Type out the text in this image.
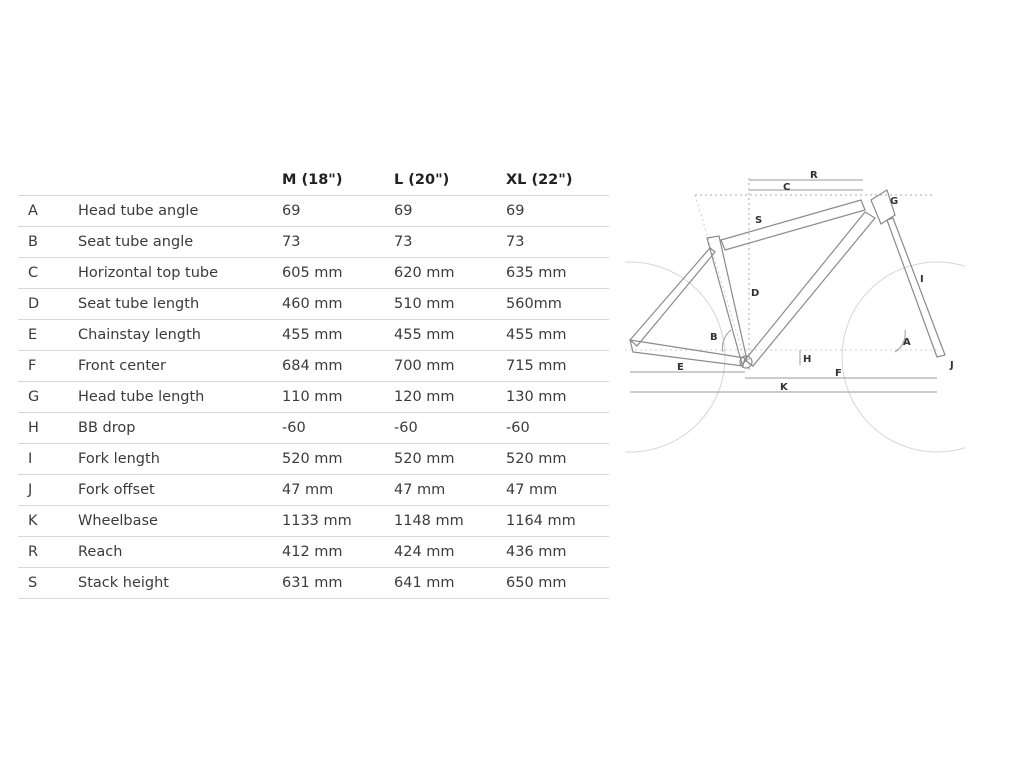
		M (18")	L (20")	XL (22")
A	Head tube angle	69	69	69
B	Seat tube angle	73	73	73
C	Horizontal top tube	605 mm	620 mm	635 mm
D	Seat tube length	460 mm	510 mm	560mm
E	Chainstay length	455 mm	455 mm	455 mm
F	Front center	684 mm	700 mm	715 mm
G	Head tube length	110 mm	120 mm	130 mm
H	BB drop	-60	-60	-60
I	Fork length	520 mm	520 mm	520 mm
J	Fork offset	47 mm	47 mm	47 mm
K	Wheelbase	1133 mm	1148 mm	1164 mm
R	Reach	412 mm	424 mm	436 mm
S	Stack height	631 mm	641 mm	650 mm
R
C
S
G
D
B
H
E
F
K
A
I
J
